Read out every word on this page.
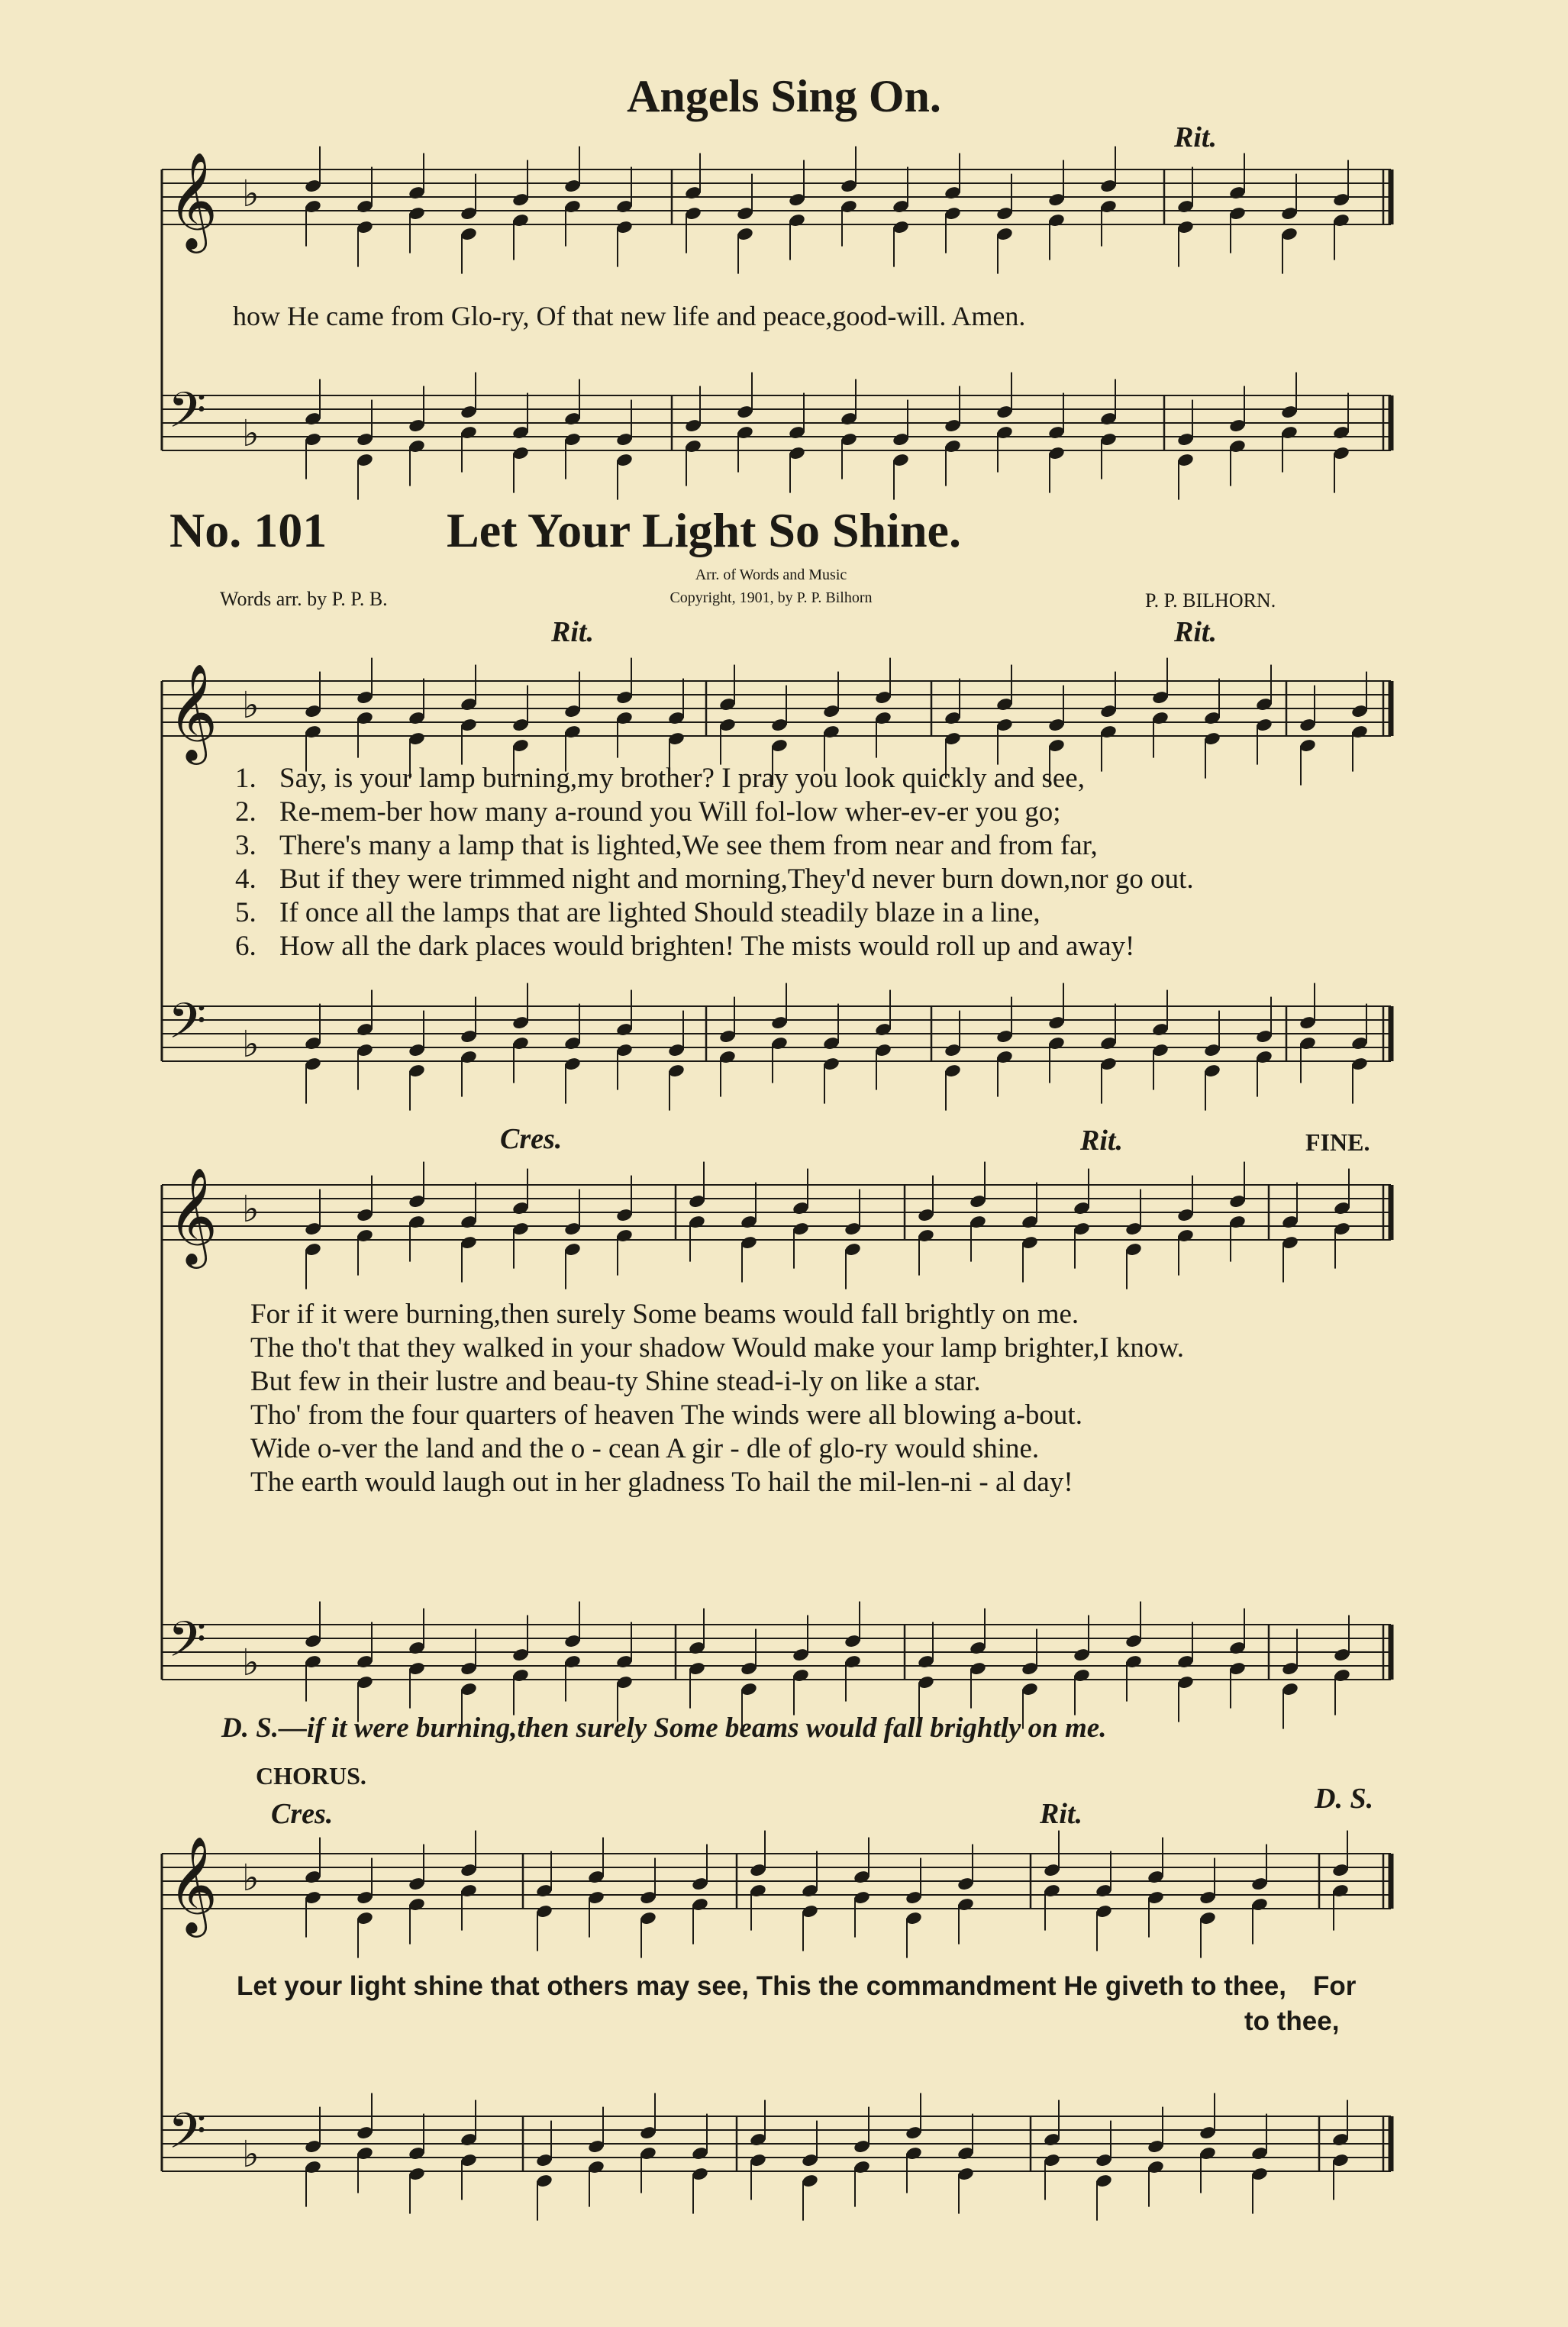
Angels Sing On.
Rit.
how He came from Glo-ry, Of that new life and peace,good-will. Amen.
No. 101 Let Your Light So Shine.
Words arr. by P. P. B.
Arr. of Words and Music
Copyright, 1901, by P. P. Bilhorn	P. P. BILHORN.
Rit.	Rit.
1. Say, is your lamp burning,my brother? I pray you look quickly and see,
2. Re-mem-ber how many a-round you Will fol-low wher-ev-er you go;
3. There's many a lamp that is lighted,We see them from near and from far,
4. But if they were trimmed night and morning,They'd never burn down,nor go out.
5. If once all the lamps that are lighted Should steadily blaze in a line,
6. How all the dark places would brighten! The mists would roll up and away!
Cres.	Rit.	FINE.
For if it were burning,then surely Some beams would fall brightly on me.
The tho't that they walked in your shadow Would make your lamp brighter,I know.
But few in their lustre and beau-ty Shine stead-i-ly on like a star.
Tho' from the four quarters of heaven The winds were all blowing a-bout.
Wide o-ver the land and the o - cean A gir - dle of glo-ry would shine.
The earth would laugh out in her gladness To hail the mil-len-ni - al day!
D. S.—if it were burning,then surely Some beams would fall brightly on me.
CHORUS.
Cres.	Rit.	D. S.
Let your light shine that others may see, This the commandment He giveth to thee, For
to thee,
𝄞 ♭
𝄢 ♭
𝄞 ♭
𝄢 ♭
𝄞 ♭
𝄢 ♭
𝄞 ♭
𝄢 ♭
